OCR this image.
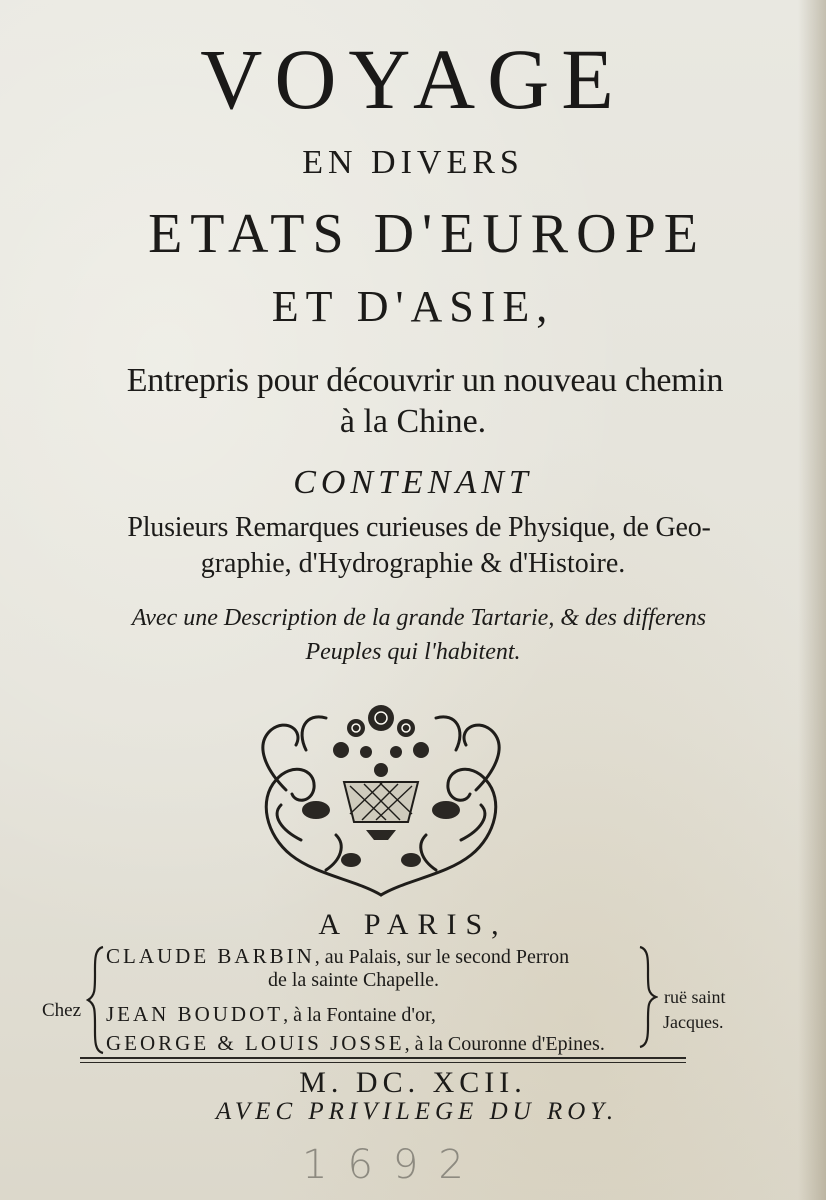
VOYAGE
EN DIVERS
ETATS D'EUROPE
ET D'ASIE,
Entrepris pour découvrir un nouveau chemin
à la Chine.
CONTENANT
Plusieurs Remarques curieuses de Physique, de Geo-
graphie, d'Hydrographie & d'Histoire.
Avec une Description de la grande Tartarie, & des differens
Peuples qui l'habitent.
A PARIS,
Chez
CLAUDE BARBIN, au Palais, sur le second Perron
de la sainte Chapelle.
JEAN BOUDOT, à la Fontaine d'or,
GEORGE & LOUIS JOSSE, à la Couronne d'Epines.
ruë saint
Jacques.
M. DC. XCII.
AVEC PRIVILEGE DU ROY.
1692
